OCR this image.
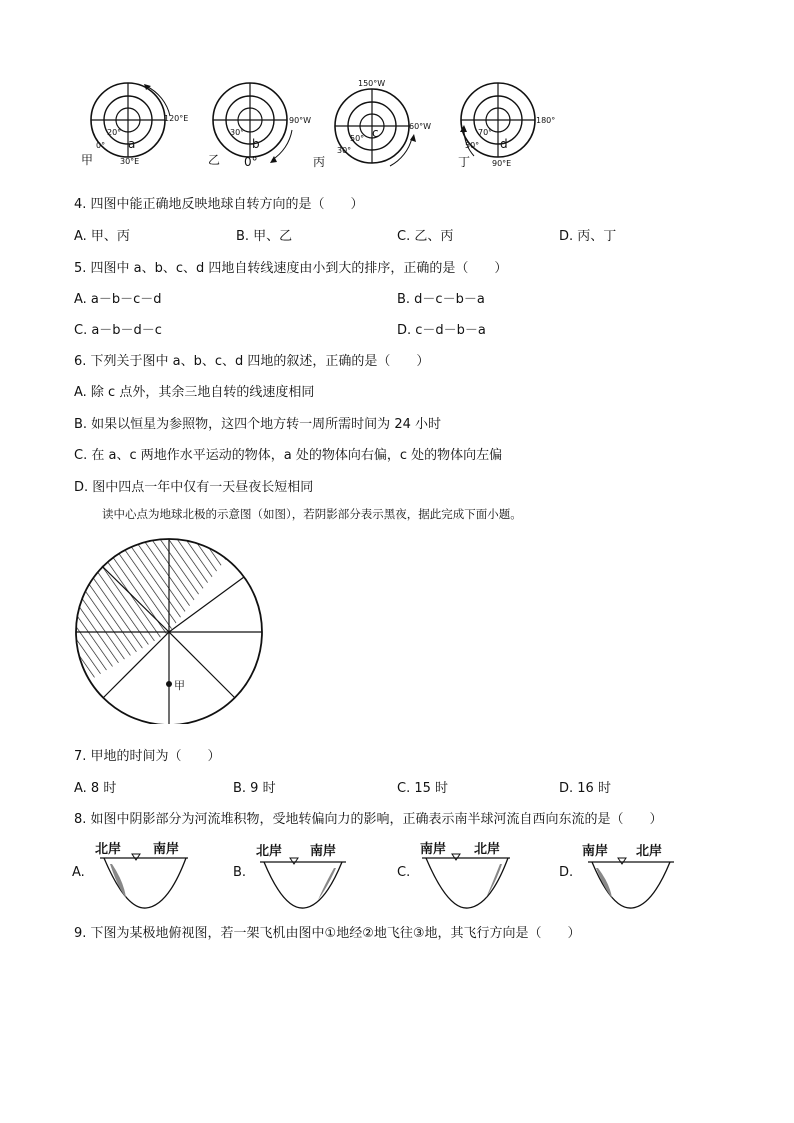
20°
0°
30°E
120°E
a
甲
30°
90°W
0°
b
乙
150°W
60°W
50°
30°
c
丙
70°
180°
50°
90°E
d
丁
4. 四图中能正确地反映地球自转方向的是（　　）
A. 甲、丙	B. 甲、乙	C. 乙、丙	D. 丙、丁
5. 四图中 a、b、c、d 四地自转线速度由小到大的排序，正确的是（　　）
A. a－b－c－d	B. d－c－b－a
C. a－b－d－c	D. c－d－b－a
6. 下列关于图中 a、b、c、d 四地的叙述，正确的是（　　）
A. 除 c 点外，其余三地自转的线速度相同
B. 如果以恒星为参照物，这四个地方转一周所需时间为 24 小时
C. 在 a、c 两地作水平运动的物体，a 处的物体向右偏，c 处的物体向左偏
D. 图中四点一年中仅有一天昼夜长短相同
读中心点为地球北极的示意图（如图），若阴影部分表示黑夜，据此完成下面小题。
甲
7. 甲地的时间为（　　）
A. 8 时	B. 9 时	C. 15 时	D. 16 时
8. 如图中阴影部分为河流堆积物，受地转偏向力的影响，正确表示南半球河流自西向东流的是（　　）
A.
北岸 南岸
B.
北岸 南岸
C.
南岸 北岸
D.
南岸 北岸
9. 下图为某极地俯视图，若一架飞机由图中①地经②地飞往③地，其飞行方向是（　　）
